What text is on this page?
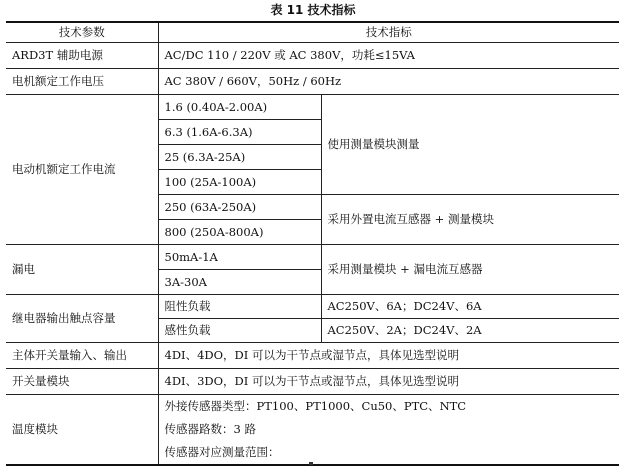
表 11 技术指标
技术参数	技术指标	
ARD3T 辅助电源	AC/DC 110 / 220V 或 AC 380V，功耗≤15VA	
电机额定工作电压	AC 380V / 660V，50Hz / 60Hz	
电动机额定工作电流	1.6 (0.40A-2.00A)	使用测量模块测量
	6.3 (1.6A-6.3A)	
	25 (6.3A-25A)	
	100 (25A-100A)	
	250 (63A-250A)	采用外置电流互感器 + 测量模块
	800 (250A-800A)	
漏电	50mA-1A	采用测量模块 + 漏电流互感器
	3A-30A	
继电器输出触点容量	阻性负载	AC250V、6A；DC24V、6A
	感性负载	AC250V、2A；DC24V、2A
主体开关量输入、输出	4DI、4DO，DI 可以为干节点或湿节点，具体见选型说明	
开关量模块	4DI、3DO，DI 可以为干节点或湿节点，具体见选型说明	
温度模块	外接传感器类型：PT100、PT1000、Cu50、PTC、NTC
传感器路数：3 路
传感器对应测量范围：	
